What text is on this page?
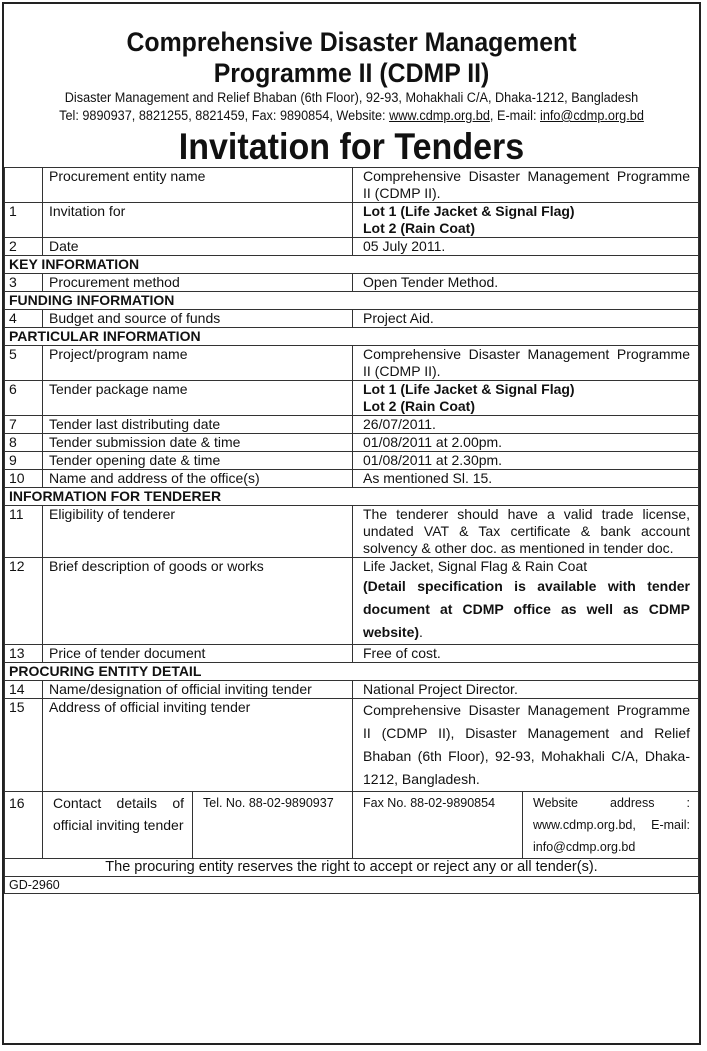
Comprehensive Disaster Management
Programme II (CDMP II)
Disaster Management and Relief Bhaban (6th Floor), 92-93, Mohakhali C/A, Dhaka-1212, Bangladesh
Tel: 9890937, 8821255, 8821459, Fax: 9890854, Website: www.cdmp.org.bd, E-mail: info@cdmp.org.bd
Invitation for Tenders
	Procurement entity name		Comprehensive Disaster Management Programme II (CDMP II).	
1	Invitation for		Lot 1 (Life Jacket & Signal Flag)
Lot 2 (Rain Coat)	

2	Date		05 July 2011.	
KEY INFORMATION				
3	Procurement method		Open Tender Method.	
FUNDING INFORMATION				
4	Budget and source of funds		Project Aid.	
PARTICULAR INFORMATION				
5	Project/program name		Comprehensive Disaster Management Programme II (CDMP II).	
6	Tender package name		Lot 1 (Life Jacket & Signal Flag)
Lot 2 (Rain Coat)	

7	Tender last distributing date		26/07/2011.	
8	Tender submission date & time		01/08/2011 at 2.00pm.	
9	Tender opening date & time		01/08/2011 at 2.30pm.	
10	Name and address of the office(s)		As mentioned Sl. 15.	
INFORMATION FOR TENDERER				
11	Eligibility of tenderer		The tenderer should have a valid trade license, undated VAT & Tax certificate & bank account solvency & other doc. as mentioned in tender doc.	
12	Brief description of goods or works		Life Jacket, Signal Flag & Rain Coat
(Detail specification is available with tender document at CDMP office as well as CDMP website).	

13	Price of tender document		Free of cost.	
PROCURING ENTITY DETAIL				
14	Name/designation of official inviting tender		National Project Director.	
15	Address of official inviting tender		Comprehensive Disaster Management Programme II (CDMP II), Disaster Management and Relief Bhaban (6th Floor), 92-93, Mohakhali C/A, Dhaka-1212, Bangladesh.	
16	Contact details of official inviting tender	Tel. No. 88-02-9890937	Fax No. 88-02-9890854	Website address : www.cdmp.org.bd, E-mail: info@cdmp.org.bd
The procuring entity reserves the right to accept or reject any or all tender(s).				
GD-2960				
